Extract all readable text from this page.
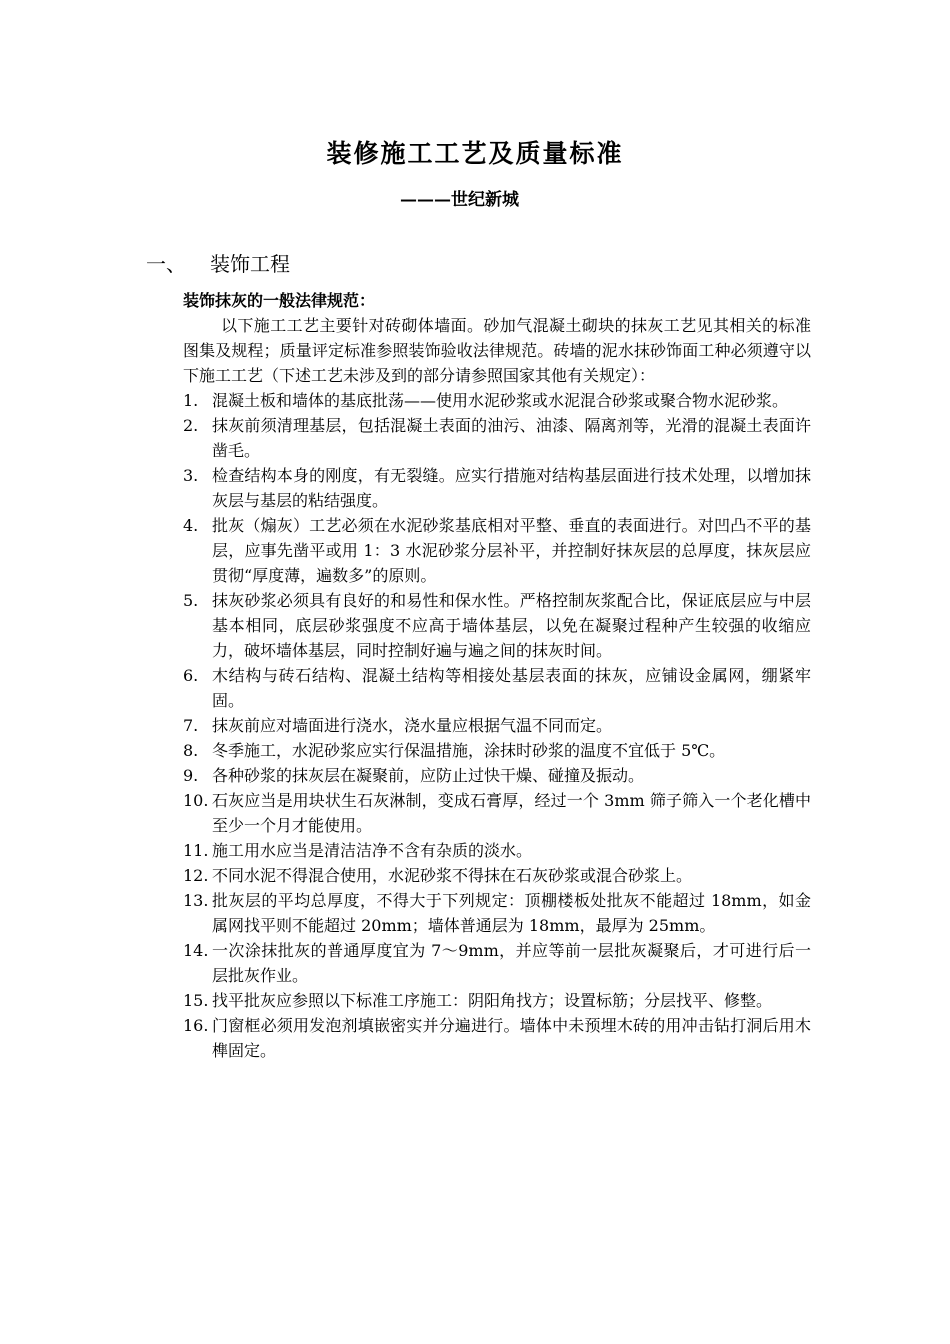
装修施工工艺及质量标准
———世纪新城
一、 装饰工程

装饰抹灰的一般法律规范：

以下施工工艺主要针对砖砌体墙面。砂加气混凝土砌块的抹灰工艺见其相关的标准图集及规程；质量评定标准参照装饰验收法律规范。砖墙的泥水抹砂饰面工种必须遵守以下施工工艺（下述工艺未涉及到的部分请参照国家其他有关规定）：

1. 混凝土板和墙体的基底批荡——使用水泥砂浆或水泥混合砂浆或聚合物水泥砂浆。
2. 抹灰前须清理基层，包括混凝土表面的油污、油漆、隔离剂等，光滑的混凝土表面许凿毛。
3. 检查结构本身的刚度，有无裂缝。应实行措施对结构基层面进行技术处理，以增加抹灰层与基层的粘结强度。
4. 批灰（煽灰）工艺必须在水泥砂浆基底相对平整、垂直的表面进行。对凹凸不平的基层，应事先凿平或用 1：3 水泥砂浆分层补平，并控制好抹灰层的总厚度，抹灰层应贯彻“厚度薄，遍数多”的原则。
5. 抹灰砂浆必须具有良好的和易性和保水性。严格控制灰浆配合比，保证底层应与中层基本相同，底层砂浆强度不应高于墙体基层，以免在凝聚过程种产生较强的收缩应力，破坏墙体基层，同时控制好遍与遍之间的抹灰时间。
6. 木结构与砖石结构、混凝土结构等相接处基层表面的抹灰，应铺设金属网，绷紧牢固。
7. 抹灰前应对墙面进行浇水，浇水量应根据气温不同而定。
8. 冬季施工，水泥砂浆应实行保温措施，涂抹时砂浆的温度不宜低于 5℃。
9. 各种砂浆的抹灰层在凝聚前，应防止过快干燥、碰撞及振动。
10. 石灰应当是用块状生石灰淋制，变成石膏厚，经过一个 3mm 筛子筛入一个老化槽中至少一个月才能使用。
11. 施工用水应当是清洁洁净不含有杂质的淡水。
12. 不同水泥不得混合使用，水泥砂浆不得抹在石灰砂浆或混合砂浆上。
13. 批灰层的平均总厚度，不得大于下列规定：顶棚楼板处批灰不能超过 18mm，如金属网找平则不能超过 20mm；墙体普通层为 18mm，最厚为 25mm。
14. 一次涂抹批灰的普通厚度宜为 7～9mm，并应等前一层批灰凝聚后，才可进行后一层批灰作业。
15. 找平批灰应参照以下标准工序施工：阴阳角找方；设置标筋；分层找平、修整。
16. 门窗框必须用发泡剂填嵌密实并分遍进行。墙体中未预埋木砖的用冲击钻打洞后用木榫固定。
